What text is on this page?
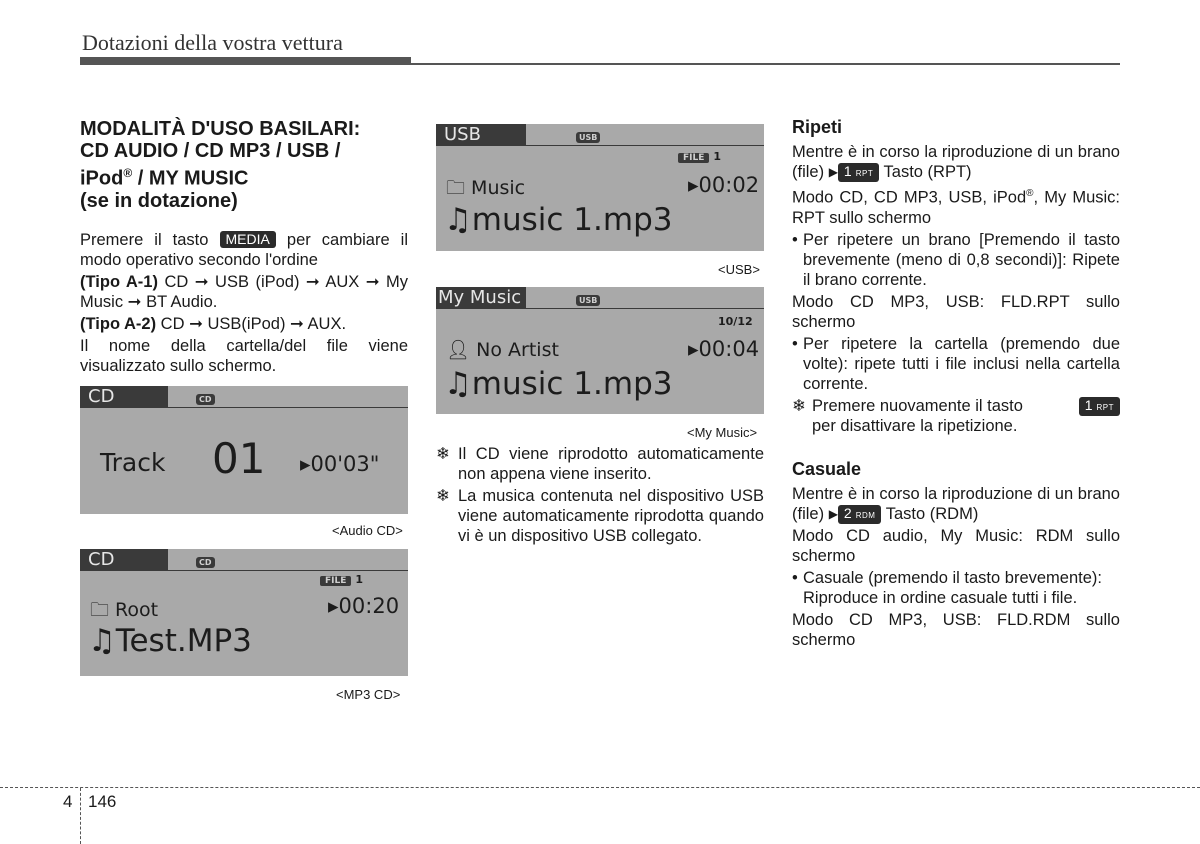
Dotazioni della vostra vettura
MODALITÀ D'USO BASILARI:
CD AUDIO / CD MP3 / USB /
iPod® / MY MUSIC
(se in dotazione)

Premere il tasto MEDIA per cambiare il modo operativo secondo l'ordine

(Tipo A-1) CD ➞ USB (iPod) ➞ AUX ➞ My Music ➞ BT Audio.

(Tipo A-2) CD ➞ USB(iPod) ➞ AUX.

Il nome della cartella/del file viene visualizzato sullo schermo.

CD	CD
Track 01 ▸00'03"
<Audio CD>
CD	CD
FILE 1
🗀 Root	▸00:20
♫Test.MP3
<MP3 CD>
USB	USB
FILE 1
🗀 Music	▸00:02
♫music 1.mp3
<USB>
My Music	USB
10/12
👤︎ No Artist	▸00:04
♫music 1.mp3
<My Music>
❄ Il CD viene riprodotto automaticamente non appena viene inserito.
❄ La musica contenuta nel dispositivo USB viene automaticamente riprodotta quando vi è un dispositivo USB collegato.
Ripeti

Mentre è in corso la riproduzione di un brano (file) ▶ 1 RPT Tasto (RPT)

Modo CD, CD MP3, USB, iPod®, My Music: RPT sullo schermo

• Per ripetere un brano [Premendo il tasto brevemente (meno di 0,8 secondi)]: Ripete il brano corrente.

Modo CD MP3, USB: FLD.RPT sullo schermo

• Per ripetere la cartella (premendo due volte): ripete tutti i file inclusi nella cartella corrente.
❄ Premere nuovamente il tasto	1 RPT

per disattivare la ripetizione.
Casuale

Mentre è in corso la riproduzione di un brano (file) ▶ 2 RDM Tasto (RDM)

Modo CD audio, My Music: RDM sullo schermo

• Casuale (premendo il tasto brevemente): Riproduce in ordine casuale tutti i file.

Modo CD MP3, USB: FLD.RDM sullo schermo

4 146
